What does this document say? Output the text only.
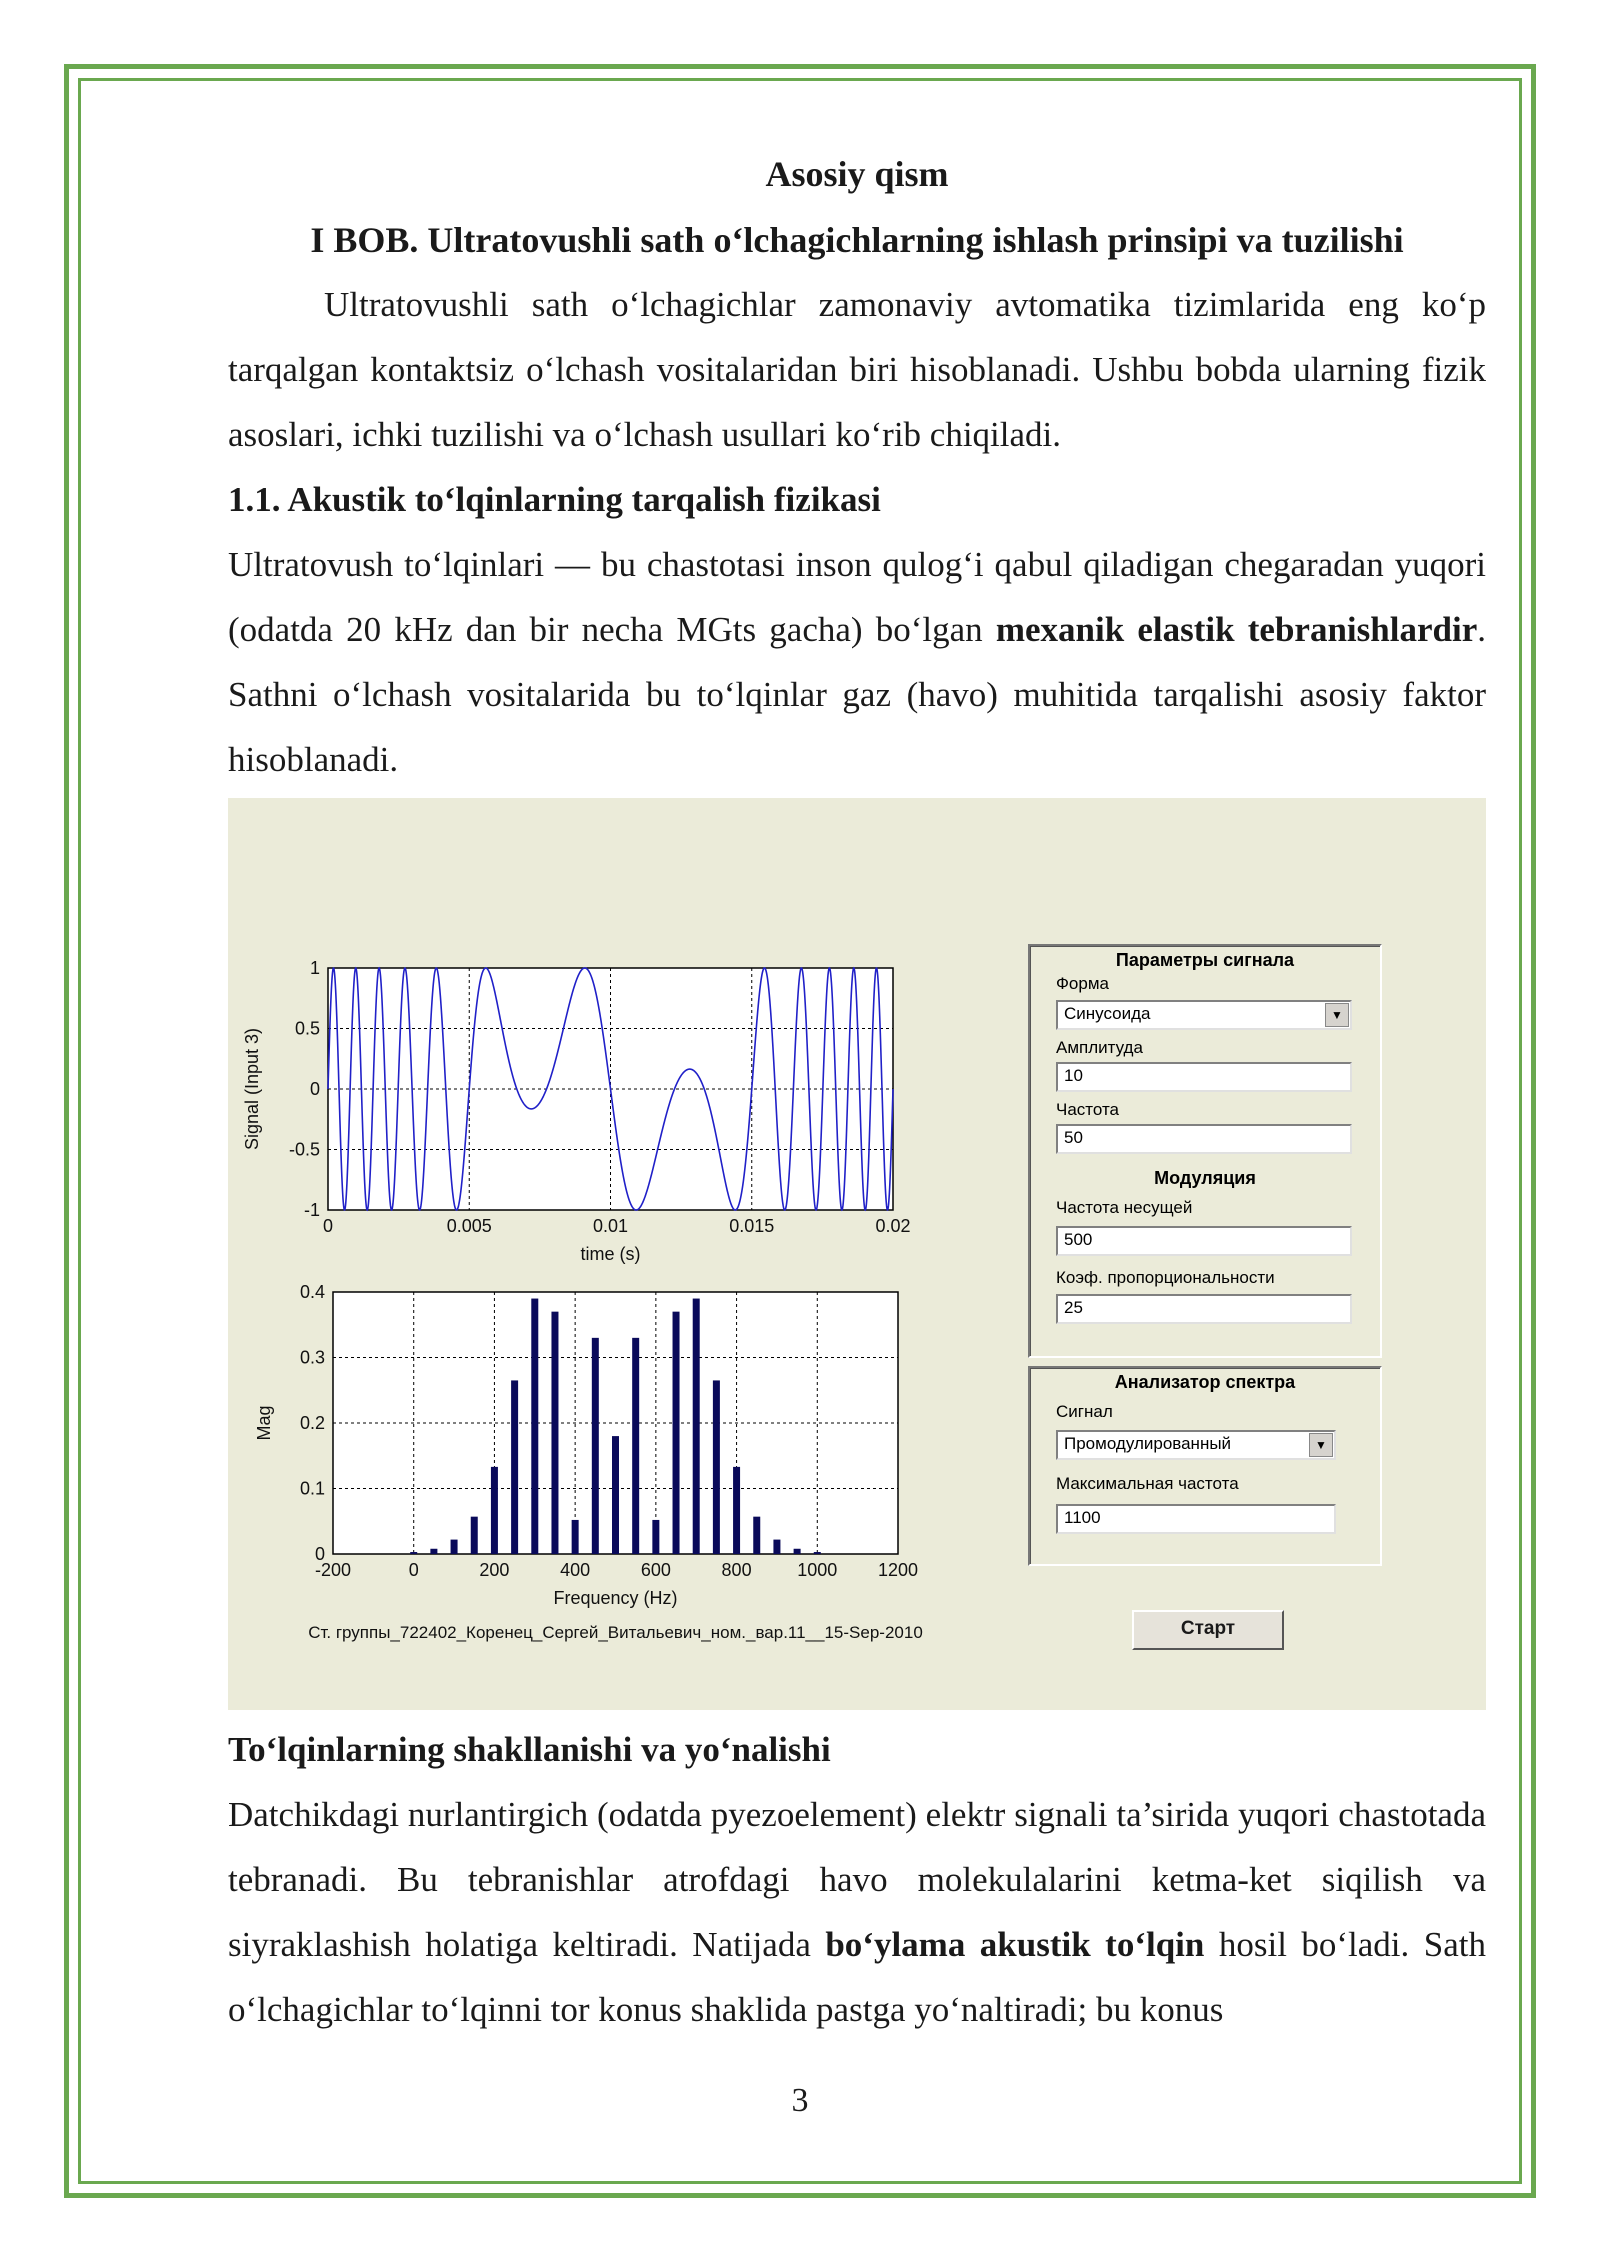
Asosiy qism
I BOB. Ultratovushli sath o‘lchagichlarning ishlash prinsipi va tuzilishi
Ultratovushli sath o‘lchagichlar zamonaviy avtomatika tizimlarida eng ko‘p tarqalgan kontaktsiz o‘lchash vositalaridan biri hisoblanadi. Ushbu bobda ularning fizik asoslari, ichki tuzilishi va o‘lchash usullari ko‘rib chiqiladi.
1.1. Akustik to‘lqinlarning tarqalish fizikasi
Ultratovush to‘lqinlari — bu chastotasi inson qulog‘i qabul qiladigan chegaradan yuqori (odatda 20 kHz dan bir necha MGts gacha) bo‘lgan mexanik elastik tebranishlardir. Sathni o‘lchash vositalarida bu to‘lqinlar gaz (havo) muhitida tarqalishi asosiy faktor hisoblanadi.
0	0.005	0.01	0.015	0.02
1
0.5
0
-0.5
-1
time (s)
Signal (Input 3)
-200	0	200	400	600	800	1000 1200
0.4
0.3
0.2
0.1
0
Frequency (Hz)
Mag
Ст. группы_722402_Коренец_Сергей_Витальевич_ном._вар.11__15-Sep-2010
Параметры сигнала
Форма
Синусоида	▼
Амплитуда
10
Частота
50
Модуляция
Частота несущей
500
Коэф. пропорциональности
25
Анализатор спектра
Сигнал
Промодулированный	▼
Максимальная частота
1100
Старт
To‘lqinlarning shakllanishi va yo‘nalishi
Datchikdagi nurlantirgich (odatda pyezoelement) elektr signali ta’sirida yuqori chastotada tebranadi. Bu tebranishlar atrofdagi havo molekulalarini ketma-ket siqilish va siyraklashish holatiga keltiradi. Natijada bo‘ylama akustik to‘lqin hosil bo‘ladi. Sath o‘lchagichlar to‘lqinni tor konus shaklida pastga yo‘naltiradi; bu konus
3
